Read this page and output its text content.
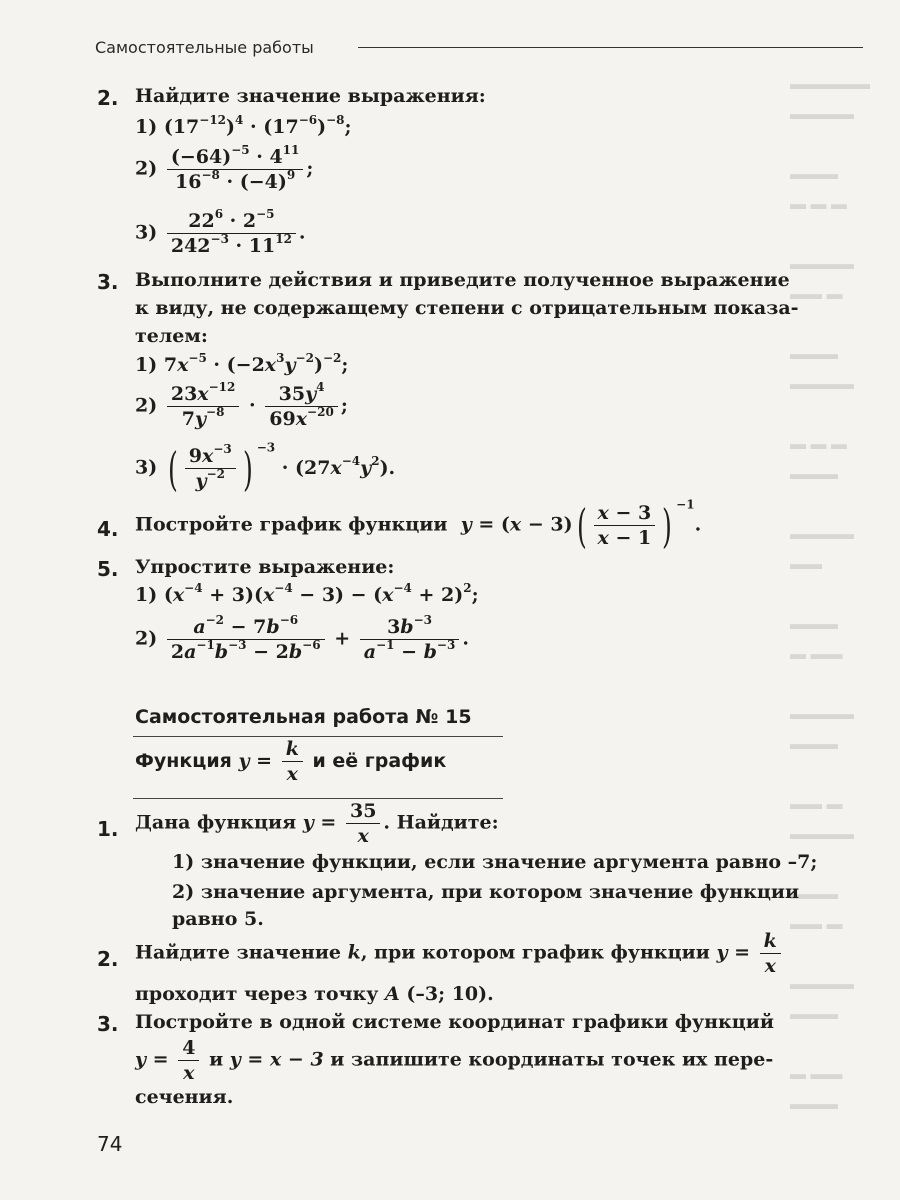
▬▬▬▬▬
▬▬▬▬

▬▬▬
▬ ▬ ▬

▬▬▬▬
▬▬ ▬

▬▬▬
▬▬▬▬

▬ ▬ ▬
▬▬▬

▬▬▬▬
▬▬

▬▬▬
▬ ▬▬

▬▬▬▬
▬▬▬

▬▬ ▬
▬▬▬▬

▬▬▬
▬▬ ▬

▬▬▬▬
▬▬▬

▬ ▬▬
▬▬▬
Самостоятельные работы
2. Найдите значение выражения:
1) $(17^{-12})^4 \cdot (17^{-6})^{-8}$;
$2) \frac{(-64)^{-5} \cdot 4^{11}}{16^{-8} \cdot (-4)^9}$ ;
$3) \frac{22^6 \cdot 2^{-5}}{242^{-3} \cdot 11^{12}}$ .
3. Выполните действия и приведите полученное выражение
к виду, не содержащему степени с отрицательным показа-
телем:
1) $7x^{-5} \cdot (-2x^3y^{-2})^{-2}$;
$2) \frac{23x^{-12}}{7y^{-8}} \cdot \frac{35y^4}{69x^{-20}}$ ;
3) ( $\frac{9x^{-3}}{y^{-2}}$ ) $^{-3} \cdot (27x^{-4}y^2)$.
4. Постройте график функции $y = (x - 3)( \frac{x - 3}{x - 1}$ ) $^{-1}$.
5. Упростите выражение:
1) $(x^{-4} + 3)(x^{-4} - 3) - (x^{-4} + 2)^2$;
$2) \frac{a^{-2} - 7b^{-6}}{2a^{-1}b^{-3} - 2b^{-6}} + \frac{3b^{-3}}{a^{-1} - b^{-3}}$ .
Самостоятельная работа № 15
Функция $y = \frac{k}{x}$ и её график
1. Дана функция $y = \frac{35}{x}$ . Найдите:
1) значение функции, если значение аргумента равно –7;
2) значение аргумента, при котором значение функции
равно 5.
2. Найдите значение k, при котором график функции $y = \frac{k}{x}$
проходит через точку A (–3; 10).
3. Постройте в одной системе координат графики функций
$y = \frac{4}{x}$ и y = x − 3 и запишите координаты точек их пере-
сечения.
74
